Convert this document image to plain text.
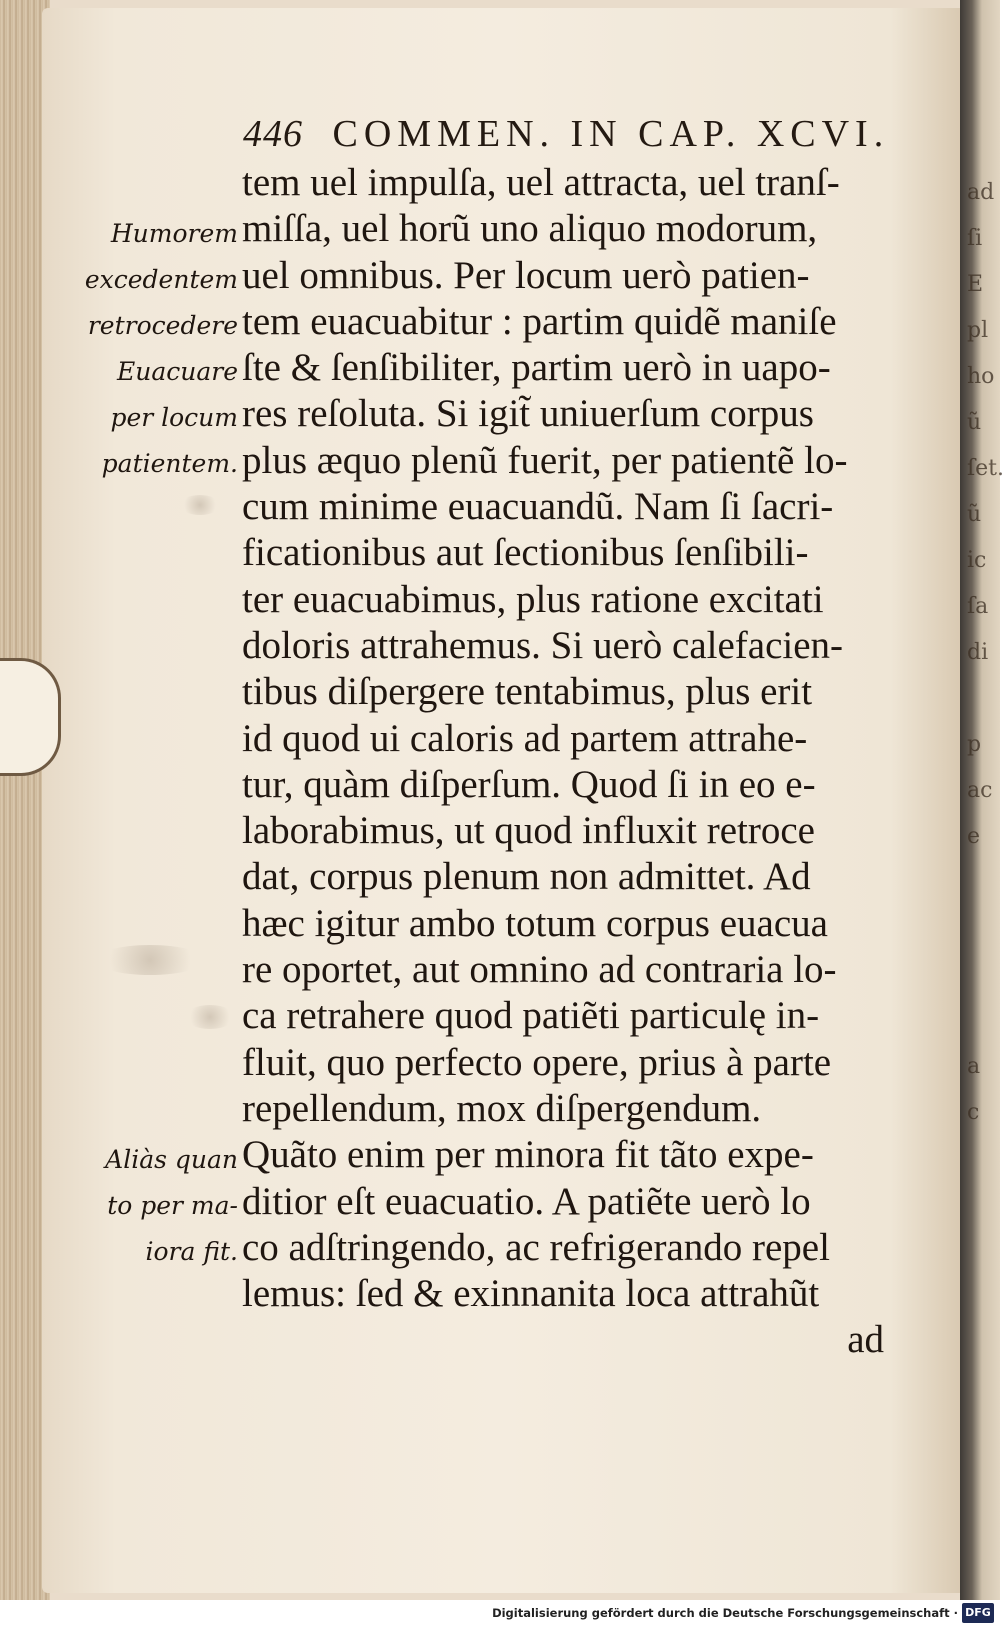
ad
ſi
E
pl
ho
ũ
ſet.
ũ
ic
ſa
di
p
ac
e
a
c
446 COMMEN. IN CAP. XCVI.
Humorem
excedentem
retrocedere
Euacuare
per locum
patientem.
Aliàs quan
to per ma-
iora fit.
tem uel impulſa, uel attracta, uel tranſ-
miſſa, uel horũ uno aliquo modorum,
uel omnibus. Per locum uerò patien-
tem euacuabitur : partim quidẽ maniſe
ſte & ſenſibiliter, partim uerò in uapo-
res reſoluta. Si igit̃ uniuerſum corpus
plus æquo plenũ fuerit, per patientẽ lo-
cum minime euacuandũ. Nam ſi ſacri-
ficationibus aut ſectionibus ſenſibili-
ter euacuabimus, plus ratione excitati
doloris attrahemus. Si uerò calefacien-
tibus diſpergere tentabimus, plus erit
id quod ui caloris ad partem attrahe-
tur, quàm diſperſum. Quod ſi in eo e-
laborabimus, ut quod influxit retroce
dat, corpus plenum non admittet. Ad
hæc igitur ambo totum corpus euacua
re oportet, aut omnino ad contraria lo-
ca retrahere quod patiẽti particulę in-
fluit, quo perfecto opere, prius à parte
repellendum, mox diſpergendum.
Quãto enim per minora fit tãto expe-
ditior eſt euacuatio. A patiẽte uerò lo
co adſtringendo, ac refrigerando repel
lemus: ſed & exinnanita loca attrahũt
ad
Digitalisierung gefördert durch die Deutsche Forschungsgemeinschaft · DFG
